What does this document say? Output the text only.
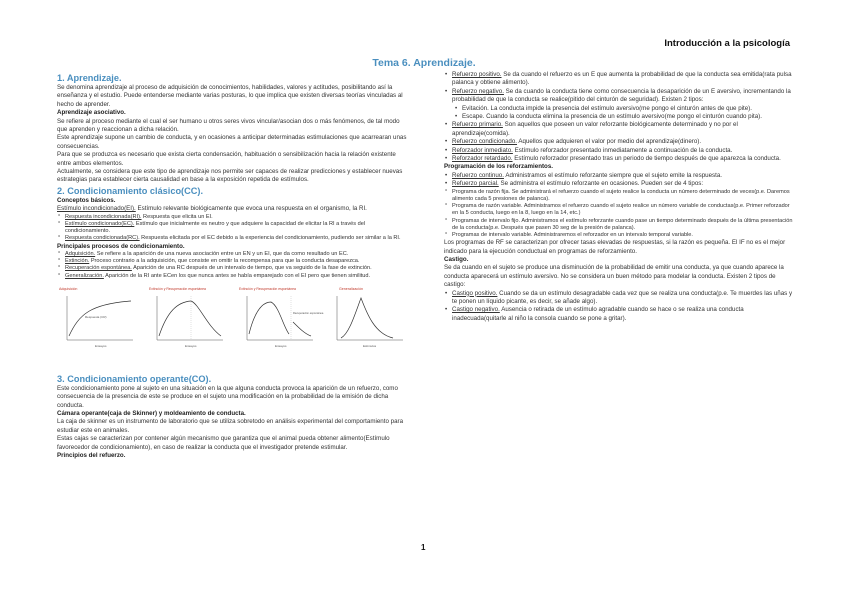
Introducción a la psicología
Tema 6. Aprendizaje.
1. Aprendizaje.

Se denomina aprendizaje al proceso de adquisición de conocimientos, habilidades, valores y actitudes, posibilitando así la enseñanza y el estudio. Puede entenderse mediante varias posturas, lo que implica que existen diversas teorías vinculadas al hecho de aprender.

Aprendizaje asociativo.

Se refiere al proceso mediante el cual el ser humano u otros seres vivos vincular/asocian dos o más fenómenos, de tal modo que aprenden y reaccionan a dicha relación.

Este aprendizaje supone un cambio de conducta, y en ocasiones a anticipar determinadas estimulaciones que acarrearan unas consecuencias.

Para que se produzca es necesario que exista cierta condensación, habituación o sensibilización hacia la relación existente entre ambos elementos.

Actualmente, se considera que este tipo de aprendizaje nos permite ser capaces de realizar predicciones y establecer nuevas estrategias para establecer cierta causalidad en base a la exposición repetida de estímulos.

2. Condicionamiento clásico(CC).

Conceptos básicos.

Estímulo incondicionado(EI). Estímulo relevante biológicamente que evoca una respuesta en el organismo, la RI.

° Respuesta incondicionada(RI). Respuesta que elicita un EI.
° Estímulo condicionado(EC). Estímulo que inicialmente es neutro y que adquiere la capacidad de elicitar la RI a través del condicionamiento.
° Respuesta condicionada(RC). Respuesta elicitada por el EC debido a la experiencia del condicionamiento, pudiendo ser similar a la RI.

Principales procesos de condicionamiento.

° Adquisición. Se refiere a la aparición de una nueva asociación entre un EN y un EI, que da como resultado un EC.
° Extinción. Proceso contrario a la adquisición, que consiste en omitir la recompensa para que la conducta desaparezca.
° Recuperación espontánea. Aparición de una RC después de un intervalo de tiempo, que va seguido de la fase de extinción.
° Generalización. Aparición de la RI ante ECen los que nunca antes se había emparejado con el EI pero que tienen similitud.
Adquisición
Respuesta (CR)
Ensayos
Extinción y Recuperación espontánea
Ensayos
Extinción y Recuperación espontánea
Recuperación espontánea
Ensayos
Generalización
Estímulos
3. Condicionamiento operante(CO).

Este condicionamiento pone al sujeto en una situación en la que alguna conducta provoca la aparición de un refuerzo, como consecuencia de la presencia de este se produce en el sujeto una modificación en la probabilidad de la emisión de dicha conducta.

Cámara operante(caja de Skinner) y moldeamiento de conducta.

La caja de skinner es un instrumento de laboratorio que se utiliza sobretodo en análisis experimental del comportamiento para estudiar este en animales.

Estas cajas se caracterizan por contener algún mecanismo que garantiza que el animal pueda obtener alimento(Estímulo favorecedor de condicionamiento), en caso de realizar la conducta que el investigador pretende estimular.

Principios del refuerzo.

• Refuerzo positivo. Se da cuando el refuerzo es un E que aumenta la probabilidad de que la conducta sea emitida(rata pulsa palanca y obtiene alimento).
• Refuerzo negativo. Se da cuando la conducta tiene como consecuencia la desaparición de un E aversivo, incrementando la probabilidad de que la conducta se realice(pitido del cinturón de seguridad). Existen 2 tipos:
• Evitación. La conducta impide la presencia del estímulo aversivo(me pongo el cinturón antes de que pite).
• Escape. Cuando la conducta elimina la presencia de un estímulo aversivo(me pongo el cinturón cuando pita).
• Refuerzo primario. Son aquellos que poseen un valor reforzante biológicamente determinado y no por el aprendizaje(comida).
• Refuerzo condicionado. Aquellos que adquieren el valor por medio del aprendizaje(dinero).
• Reforzador inmediato. Estímulo reforzador presentado inmediatamente a continuación de la conducta.
• Reforzador retardado. Estímulo reforzador presentado tras un periodo de tiempo después de que aparezca la conducta.

Programación de los reforzamientos.

• Refuerzo continuo. Administramos el estímulo reforzante siempre que el sujeto emite la respuesta.
• Refuerzo parcial. Se administra el estímulo reforzante en ocasiones. Pueden ser de 4 tipos:
° Programa de razón fija. Se administrará el refuerzo cuando el sujeto realice la conducta un número determinado de veces(p.e. Daremos alimento cada 5 presiones de palanca).
° Programa de razón variable. Administramos el refuerzo cuando el sujeto realice un número variable de conductas(p.e. Primer reforzador en la 5 conducta, luego en la 8, luego en la 14, etc.)
° Programas de intervalo fijo. Administramos el estímulo reforzante cuando pase un tiempo determinado después de la última presentación de la conducta(p.e. Después que pasen 30 seg de la presión de palanca).
° Programas de intervalo variable. Administraremos el reforzador en un intervalo temporal variable.

Los programas de RF se caracterizan por ofrecer tasas elevadas de respuestas, si la razón es pequeña. El IF no es el mejor indicado para la ejecución conductual en programas de reforzamiento.

Castigo.

Se da cuando en el sujeto se produce una disminución de la probabilidad de emitir una conducta, ya que cuando aparece la conducta aparecerá un estímulo aversivo. No se considera un buen método para modelar la conducta. Existen 2 tipos de castigo:

• Castigo positivo. Cuando se da un estímulo desagradable cada vez que se realiza una conducta(p.e. Te muerdes las uñas y te ponen un líquido picante, es decir, se añade algo).
• Castigo negativo. Ausencia o retirada de un estímulo agradable cuando se hace o se realiza una conducta inadecuada(quitarle al niño la consola cuando se pone a gritar).
1
